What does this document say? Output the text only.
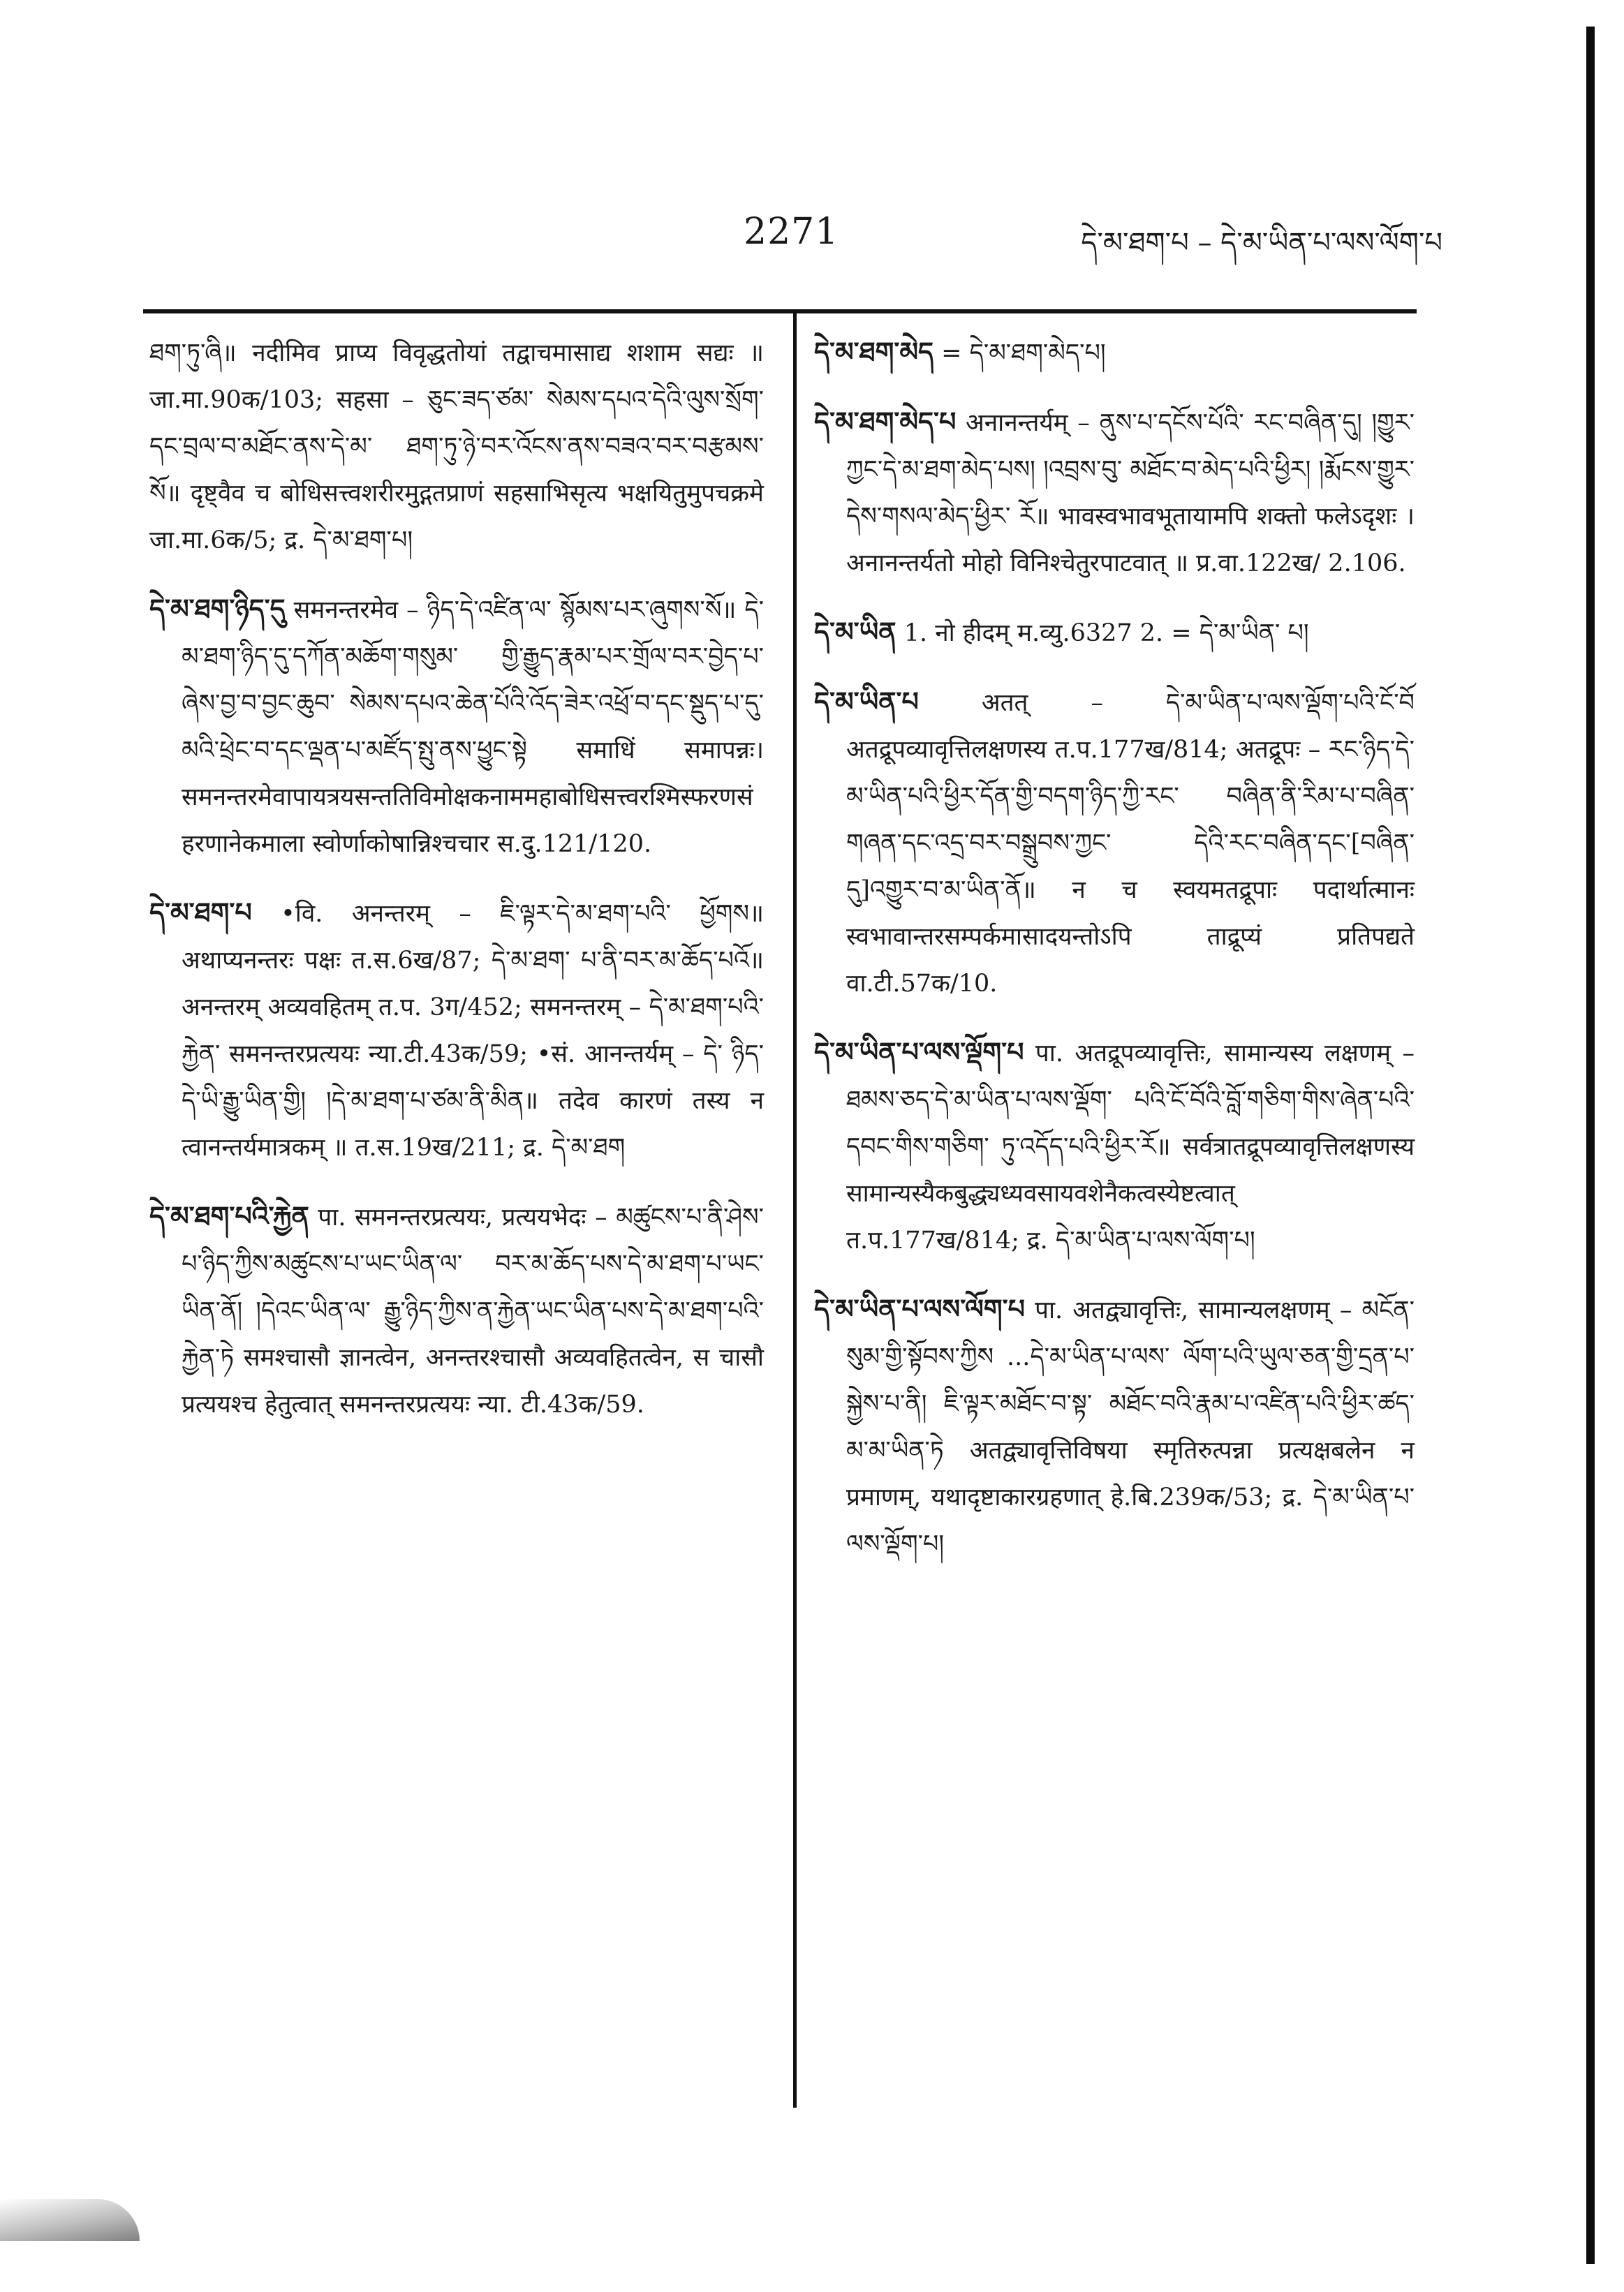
2271	དེ་མ་ཐག་པ – དེ་མ་ཡིན་པ་ལས་ལོག་པ

ཐག་ཏུ་ཞི॥ नदीमिव प्राप्य विवृद्धतोयां तद्वाचमासाद्य शशाम सद्यः ॥ जा.मा.90क/103; सहसा – ཅུང་ཟད་ཙམ་ སེམས་དཔའ་དེའི་ལུས་སྲོག་དང་བྲལ་བ་མཐོང་ནས་དེ་མ་ ཐག་ཏུ་ཉེ་བར་འོངས་ནས་བཟའ་བར་བརྩམས་སོ॥ दृष्ट्वैव च बोधिसत्त्वशरीरमुद्गतप्राणं सहसाभिसृत्य भक्षयितुमुपचक्रमे जा.मा.6क/5; द्र. དེ་མ་ཐག་པ།

དེ་མ་ཐག་ཉིད་དུ समनन्तरमेव – ཉིད་དེ་འཛིན་ལ་ སྙོམས་པར་ཞུགས་སོ॥ དེ་མ་ཐག་ཉིད་དུ་དཀོན་མཆོག་གསུམ་ གྱི་རྒྱུད་རྣམ་པར་གྲོལ་བར་བྱེད་པ་ཞེས་བྱ་བ་བྱང་ཆུབ་ སེམས་དཔའ་ཆེན་པོའི་འོད་ཟེར་འཕྲོ་བ་དང་སྡུད་པ་དུ་ མའི་ཕྲེང་བ་དང་ལྡན་པ་མཛོད་སྤུ་ནས་ཕྱུང་སྟེ समाधिं समापन्नः। समनन्तरमेवापायत्रयसन्ततिविमोक्षकनाममहाबोधिसत्त्वरश्मिस्फरणसंहरणानेकमाला स्वोर्णाकोषान्निश्चचार स.दु.121/120.

དེ་མ་ཐག་པ •वि. अनन्तरम् – ཇི་ལྟར་དེ་མ་ཐག་པའི་ ཕྱོགས॥ अथाप्यनन्तरः पक्षः त.स.6ख/87; དེ་མ་ཐག་ པ་ནི་བར་མ་ཆོད་པའོ॥ अनन्तरम् अव्यवहितम् त.प. 3ग/452; समनन्तरम् – དེ་མ་ཐག་པའི་རྐྱེན་ समनन्तरप्रत्ययः न्या.टी.43क/59; •सं. आनन्तर्यम् – དེ་ ཉིད་དེ་ཡི་རྒྱུ་ཡིན་གྱི། །དེ་མ་ཐག་པ་ཙམ་ནི་མིན॥ तदेव कारणं तस्य न त्वानन्तर्यमात्रकम् ॥ त.स.19ख/211; द्र. དེ་མ་ཐག

དེ་མ་ཐག་པའི་རྐྱེན पा. समनन्तरप्रत्ययः, प्रत्ययभेदः – མཚུངས་པ་ནི་ཤེས་པ་ཉིད་ཀྱིས་མཚུངས་པ་ཡང་ཡིན་ལ་ བར་མ་ཆོད་པས་དེ་མ་ཐག་པ་ཡང་ཡིན་ནོ། །དེའང་ཡིན་ལ་ རྒྱུ་ཉིད་ཀྱིས་ན་རྐྱེན་ཡང་ཡིན་པས་དེ་མ་ཐག་པའི་རྐྱེན་ཏེ समश्चासौ ज्ञानत्वेन, अनन्तरश्चासौ अव्यवहितत्वेन, स चासौ प्रत्ययश्च हेतुत्वात् समनन्तरप्रत्ययः न्या. टी.43क/59.

དེ་མ་ཐག་མེད = དེ་མ་ཐག་མེད་པ།

དེ་མ་ཐག་མེད་པ अनानन्तर्यम् – ནུས་པ་དངོས་པོའི་ རང་བཞིན་དུ། །གྱུར་ཀྱང་དེ་མ་ཐག་མེད་པས། །འབྲས་བུ་ མཐོང་བ་མེད་པའི་ཕྱིར། །རྨོངས་གྱུར་དེས་གསལ་མེད་ཕྱིར་ རོ॥ भावस्वभावभूतायामपि शक्तो फलेऽदृशः । अनानन्तर्यतो मोहो विनिश्चेतुरपाटवात् ॥ प्र.वा.122ख/ 2.106.

དེ་མ་ཡིན 1. नो हीदम् म.व्यु.6327 2. = དེ་མ་ཡིན་ པ།

དེ་མ་ཡིན་པ	अतत् – དེ་མ་ཡིན་པ་ལས་ལྡོག་པའི་ངོ་བོ अतद्रूपव्यावृत्तिलक्षणस्य त.प.177ख/814; अतद्रूपः – རང་ཉིད་དེ་མ་ཡིན་པའི་ཕྱིར་དོན་གྱི་བདག་ཉིད་ཀྱི་རང་ བཞིན་ནི་རིམ་པ་བཞིན་གཞན་དང་འདྲ་བར་བསྒྲུབས་ཀྱང་ དེའི་རང་བཞིན་དང་[བཞིན་དུ]འགྱུར་བ་མ་ཡིན་ནོ॥ न च स्वयमतद्रूपाः पदार्थात्मानः स्वभावान्तरसम्पर्कमासादयन्तोऽपि ताद्रूप्यं प्रतिपद्यते वा.टी.57क/10.

དེ་མ་ཡིན་པ་ལས་ལྡོག་པ पा. अतद्रूपव्यावृत्तिः, सामान्यस्य लक्षणम् – ཐམས་ཅད་དེ་མ་ཡིན་པ་ལས་ལྡོག་ པའི་ངོ་བོའི་བློ་གཅིག་གིས་ཞེན་པའི་དབང་གིས་གཅིག་ ཏུ་འདོད་པའི་ཕྱིར་རོ॥ सर्वत्रातद्रूपव्यावृत्तिलक्षणस्य सामान्यस्यैकबुद्ध्यध्यवसायवशेनैकत्वस्येष्टत्वात् त.प.177ख/814; द्र. དེ་མ་ཡིན་པ་ལས་ལོག་པ།

དེ་མ་ཡིན་པ་ལས་ལོག་པ पा. अतद्व्यावृत्तिः, सामान्यलक्षणम् – མངོན་སུམ་གྱི་སྟོབས་ཀྱིས ...དེ་མ་ཡིན་པ་ལས་ ལོག་པའི་ཡུལ་ཅན་གྱི་དྲན་པ་སྐྱེས་པ་ནི། ཇི་ལྟར་མཐོང་བ་སྟ་ མཐོང་བའི་རྣམ་པ་འཛིན་པའི་ཕྱིར་ཚད་མ་མ་ཡིན་ཏེ अतद्व्यावृत्तिविषया स्मृतिरुत्पन्ना प्रत्यक्षबलेन न प्रमाणम्, यथादृष्टाकारग्रहणात् हे.बि.239क/53; द्र. དེ་མ་ཡིན་པ་ལས་ལྡོག་པ།
